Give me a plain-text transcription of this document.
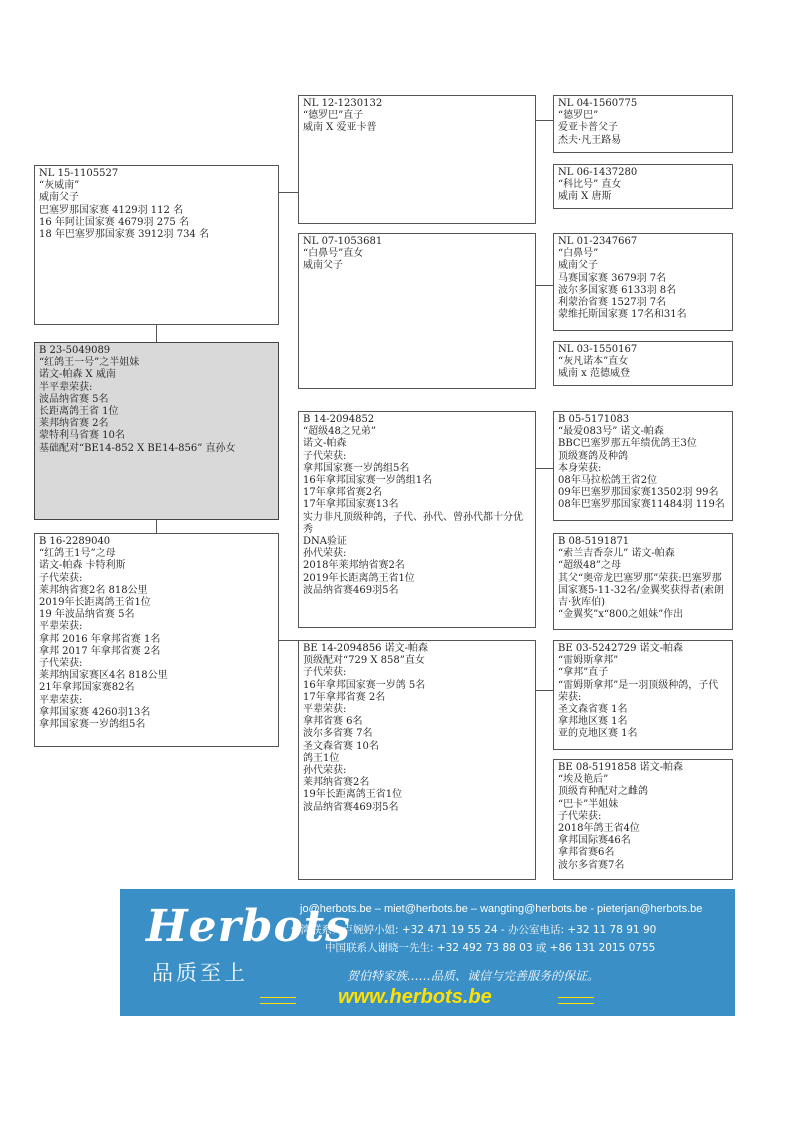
NL 04-1560775
“德罗巴”
爱亚卡普父子
杰夫·凡王路易
NL 06-1437280
“科比号” 直女
威南 X 唐斯
NL 01-2347667
“白鼻号”
威南父子
马赛国家赛 3679羽 7名
波尔多国家赛 6133羽 8名
利蒙治省赛 1527羽 7名
蒙维托斯国家赛 17名和31名
NL 03-1550167
“灰凡诺本”直女
威南 x 范德威登
B 05-5171083
“最爱083号” 诺文-帕森
BBC巴塞罗那五年绩优鸽王3位
顶级赛鸽及种鸽
本身荣获:
08年马拉松鸽王省2位
09年巴塞罗那国家赛13502羽 99名
08年巴塞罗那国家赛11484羽 119名
B 08-5191871
“索兰吉香奈儿” 诺文-帕森
“超级48”之母
其父“奥帝龙巴塞罗那”荣获:巴塞罗那国家赛5-11-32名/金翼奖获得者(索朗吉·狄库伯)
“金翼奖”x“800之姐妹”作出
BE 03-5242729 诺文-帕森
“雷姆斯拿邦”
“拿邦”直子
“雷姆斯拿邦”是一羽顶级种鸽，子代荣获:
圣文森省赛 1名
拿邦地区赛 1名
亚的克地区赛 1名
BE 08-5191858 诺文-帕森
“埃及艳后”
顶级育种配对之雌鸽
“巴卡”半姐妹
子代荣获:
2018年鸽王省4位
拿邦国际赛46名
拿邦省赛6名
波尔多省赛7名
NL 12-1230132
“德罗巴”直子
威南 X 爱亚卡普
NL 07-1053681
“白鼻号”直女
威南父子
B 14-2094852
“超级48之兄弟”
诺文-帕森
子代荣获:
拿邦国家赛一岁鸽组5名
16年拿邦国家赛一岁鸽组1名
17年拿邦省赛2名
17年拿邦国家赛13名
实力非凡顶级种鸽，子代、孙代、曾孙代都十分优秀
DNA验证
孙代荣获:
2018年莱邦纳省赛2名
2019年长距离鸽王省1位
波品纳省赛469羽5名
BE 14-2094856 诺文-帕森
顶级配对“729 X 858”直女
子代荣获:
16年拿邦国家赛一岁鸽 5名
17年拿邦省赛 2名
平辈荣获:
拿邦省赛 6名
波尔多省赛 7名
圣文森省赛 10名
鸽王1位
孙代荣获:
莱邦纳省赛2名
19年长距离鸽王省1位
波品纳省赛469羽5名
NL 15-1105527
“灰威南”
威南父子
巴塞罗那国家赛 4129羽 112 名
16 年阿让国家赛 4679羽 275 名
18 年巴塞罗那国家赛 3912羽 734 名
B 23-5049089
“红鸽王一号”之半姐妹
诺文-帕森 X 威南
半平辈荣获:
波品纳省赛 5名
长距离鸽王省 1位
莱邦纳省赛 2名
蒙特利马省赛 10名
基础配对“BE14-852 X BE14-856” 直孙女
B 16-2289040
“红鸽王1号”之母
诺文-帕森 卡特利斯
子代荣获:
莱邦纳省赛2名 818公里
2019年长距离鸽王省1位
19 年波品纳省赛 5名
平辈荣获:
拿邦 2016 年拿邦省赛 1名
拿邦 2017 年拿邦省赛 2名
子代荣获:
莱邦纳国家赛区4名 818公里
21年拿邦国家赛82名
平辈荣获:
拿邦国家赛 4260羽13名
拿邦国家赛一岁鸽组5名
Herbots
品质至上
jo@herbots.be – miet@herbots.be – wangting@herbots.be - pieterjan@herbots.be
台湾联系人卢婉婷小姐: +32 471 19 55 24 - 办公室电话: +32 11 78 91 90
中国联系人谢晓一先生: +32 492 73 88 03 或 +86 131 2015 0755
贺伯特家族……品质、诚信与完善服务的保证。
www.herbots.be
